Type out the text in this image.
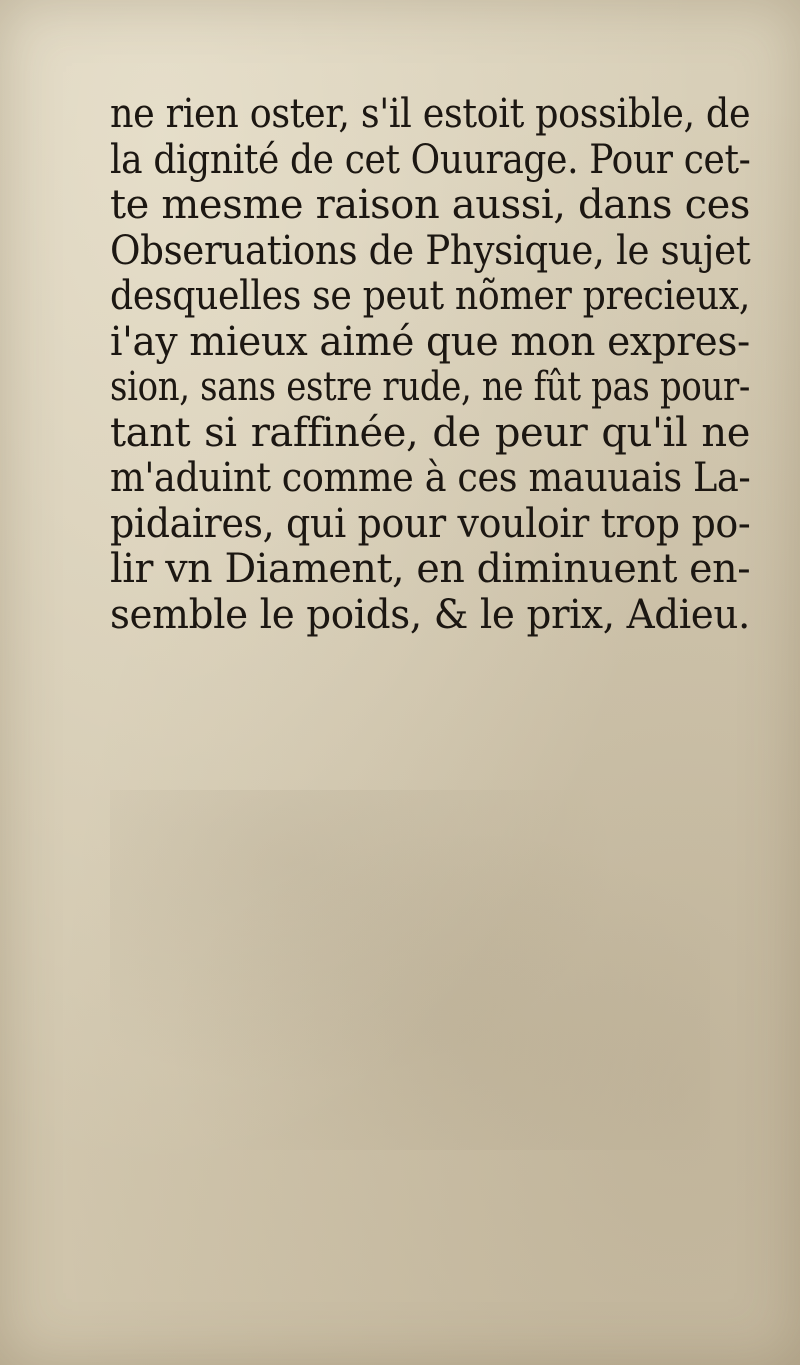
ne rien oster, s'il estoit possible, de
la dignité de cet Ouurage. Pour cet-
te mesme raison aussi, dans ces
Obseruations de Physique, le sujet
desquelles se peut nõmer precieux,
i'ay mieux aimé que mon expres-
sion, sans estre rude, ne fût pas pour-
tant si raffinée, de peur qu'il ne
m'aduint comme à ces mauuais La-
pidaires, qui pour vouloir trop po-
lir vn Diament, en diminuent en-
semble le poids, & le prix, Adieu.
